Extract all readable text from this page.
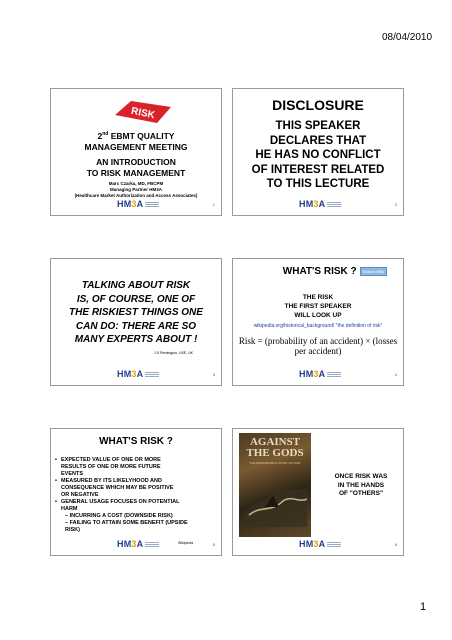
08/04/2010
RISK
2nd EBMT QUALITY
MANAGEMENT MEETING
AN INTRODUCTION
TO RISK MANAGEMENT
Marc Czarka, MD, FBCPM
Managing Partner HM3A
(Healthcare Market Authorization and Access Associates)
HM3A	1
DISCLOSURE
THIS SPEAKER
DECLARES THAT
HE HAS NO CONFLICT
OF INTEREST RELATED
TO THIS LECTURE
HM3A	2
TALKING ABOUT RISK
IS, OF COURSE, ONE OF
THE RISKIEST THINGS ONE
CAN DO: THERE ARE SO
MANY EXPERTS ABOUT !
J.S Remington, USE, UK
HM3A	3
WHAT'S RISK ?	Search Wiki
THE RISK
THE FIRST SPEAKER
WILL LOOK UP
wikipedia.org/historical_background/ "the definition of risk"
Risk = (probability of an accident) × (losses per accident)
HM3A	4
WHAT'S RISK ?
• EXPECTED VALUE OF ONE OR MORE
RESULTS OF ONE OR MORE FUTURE
EVENTS
• MEASURED BY ITS LIKELYHOOD AND
CONSEQUENCE WHICH MAY BE POSITIVE
OR NEGATIVE
• GENERAL USAGE FOCUSES ON POTENTIAL
HARM
– INCURRING A COST (DOWNSIDE RISK)
– FAILING TO ATTAIN SOME BENEFIT (UPSIDE
RISK)
Wikipedia
HM3A	5
AGAINST
THE GODS
THE REMARKABLE STORY OF RISK
ONCE RISK WAS
IN THE HANDS
OF "OTHERS"
HM3A	6
1
